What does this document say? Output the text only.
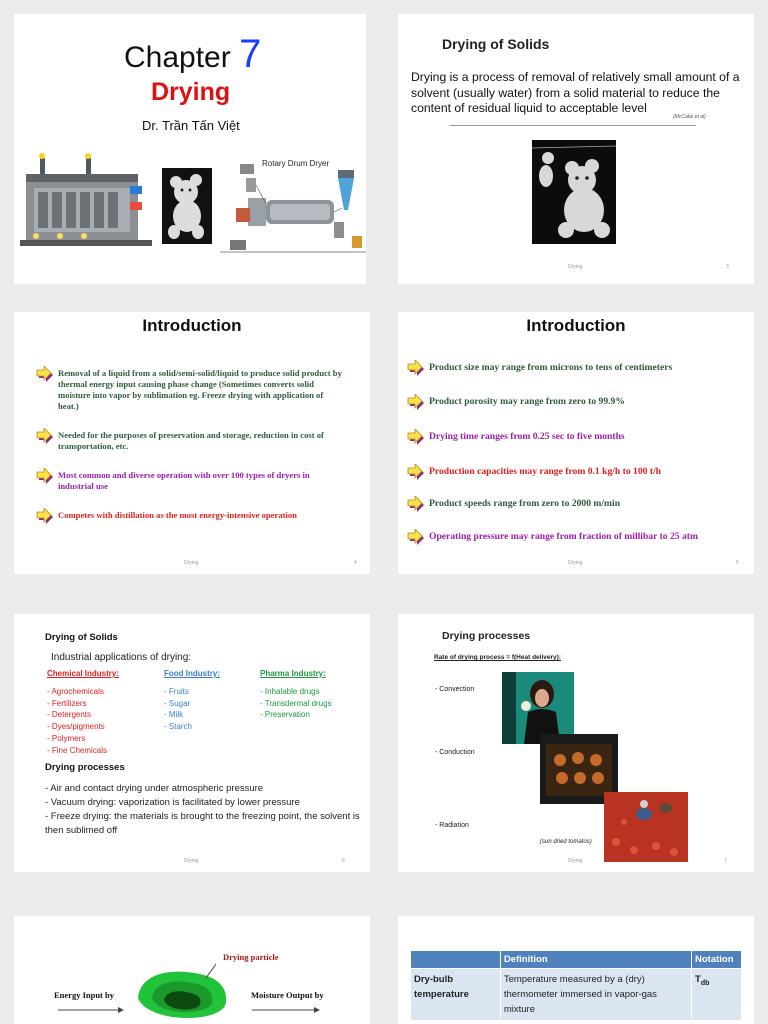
Chapter 7
Drying
Dr. Trần Tấn Việt
Rotary Drum Dryer
Drying of Solids
Drying is a process of removal of relatively small amount of a solvent (usually water) from a solid material to reduce the content of residual liquid to acceptable level
(McCabe et al)
Drying	3
Introduction
Removal of a liquid from a solid/semi-solid/liquid to produce solid product by thermal energy input causing phase change (Sometimes converts solid moisture into vapor by sublimation eg. Freeze drying with application of heat.)
Needed for the purposes of preservation and storage, reduction in cost of transportation, etc.
Most common and diverse operation with over 100 types of dryers in industrial use
Competes with distillation as the most energy-intensive operation
Drying	4
Introduction
Product size may range from microns to tens of centimeters
Product porosity may range from zero to 99.9%
Drying time ranges from 0.25 sec to five months
Production capacities may range from 0.1 kg/h to 100 t/h
Product speeds range from zero to 2000 m/min
Operating pressure may range from fraction of millibar to 25 atm
Drying	5
Drying of Solids
Industrial applications of drying:
Chemical Industry:
- Agrochemicals
- Fertilizers
- Detergents
- Dyes/pigments
- Polymers
- Fine Chemicals
Food Industry:
- Fruits
- Sugar
- Milk
- Starch
Pharma Industry:
- Inhalable drugs
- Transdermal drugs
- Preservation
Drying processes
- Air and contact drying under atmospheric pressure
- Vacuum drying: vaporization is facilitated by lower pressure
- Freeze drying: the materials is brought to the freezing point, the solvent is then sublimed off
Drying	6
Drying processes
Rate of drying process = f(Heat delivery):
- Convection
- Conduction
- Radiation
(sun dried tomatos)
Drying	7
Drying particle
Energy Input by	Moisture Output by
	Definition	Notation
Dry-bulb temperature	Temperature measured by a (dry) thermometer immersed in vapor-gas mixture	$T_{db}$
